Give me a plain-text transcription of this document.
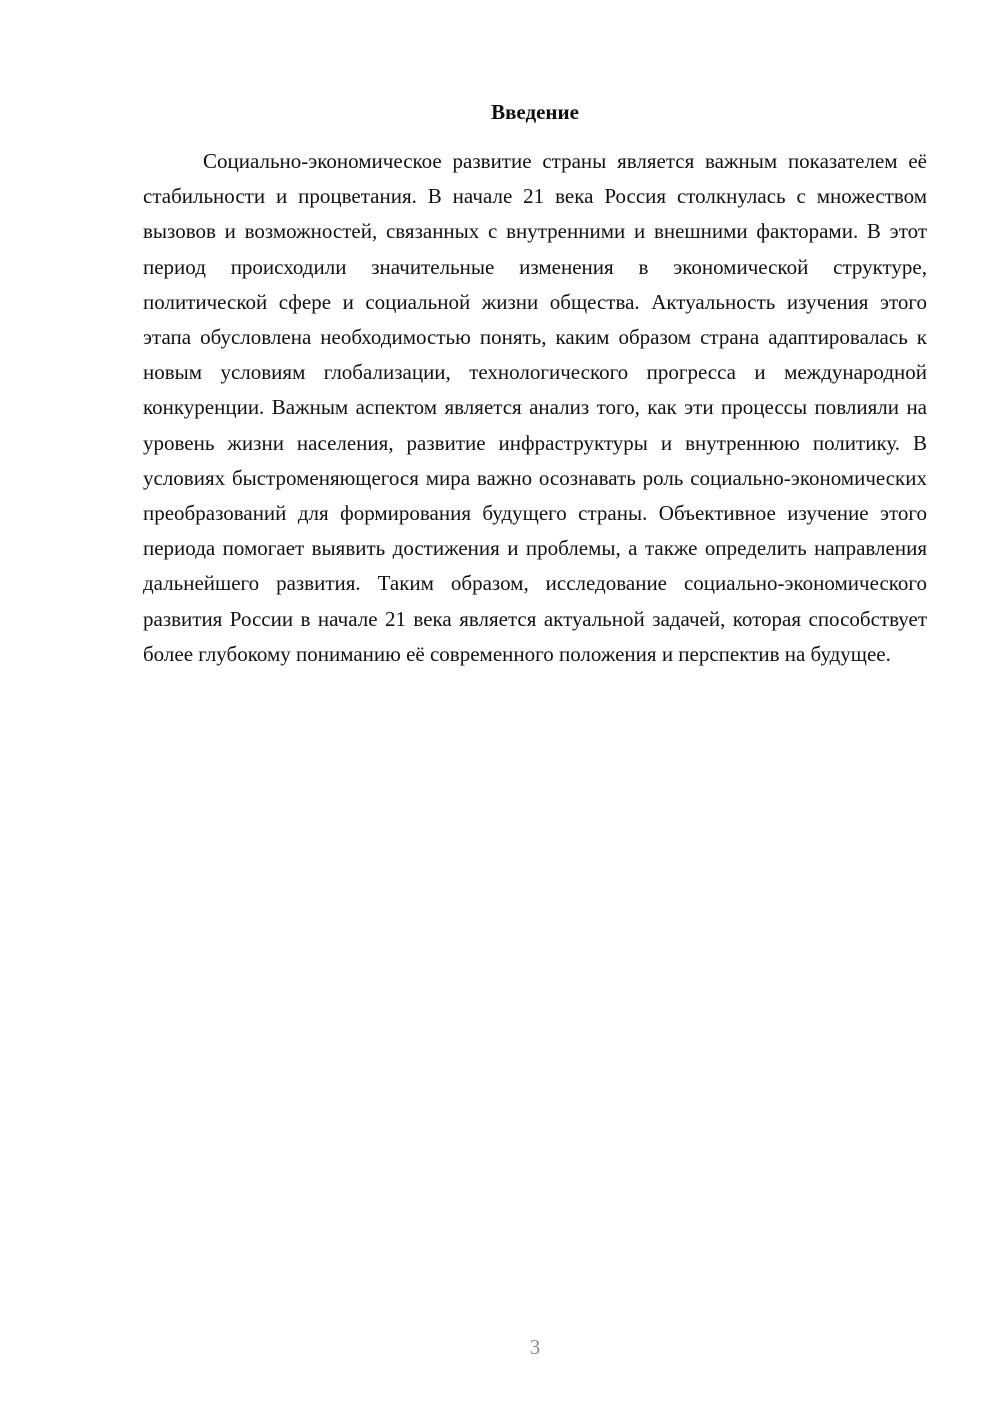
Введение

Социально-экономическое развитие страны является важным показателем её стабильности и процветания. В начале 21 века Россия столкнулась с множеством вызовов и возможностей, связанных с внутренними и внешними факторами. В этот период происходили значительные изменения в экономической структуре, политической сфере и социальной жизни общества. Актуальность изучения этого этапа обусловлена необходимостью понять, каким образом страна адаптировалась к новым условиям глобализации, технологического прогресса и международной конкуренции. Важным аспектом является анализ того, как эти процессы повлияли на уровень жизни населения, развитие инфраструктуры и внутреннюю политику. В условиях быстроменяющегося мира важно осознавать роль социально-экономических преобразований для формирования будущего страны. Объективное изучение этого периода помогает выявить достижения и проблемы, а также определить направления дальнейшего развития. Таким образом, исследование социально-экономического развития России в начале 21 века является актуальной задачей, которая способствует более глубокому пониманию её современного положения и перспектив на будущее.

3
